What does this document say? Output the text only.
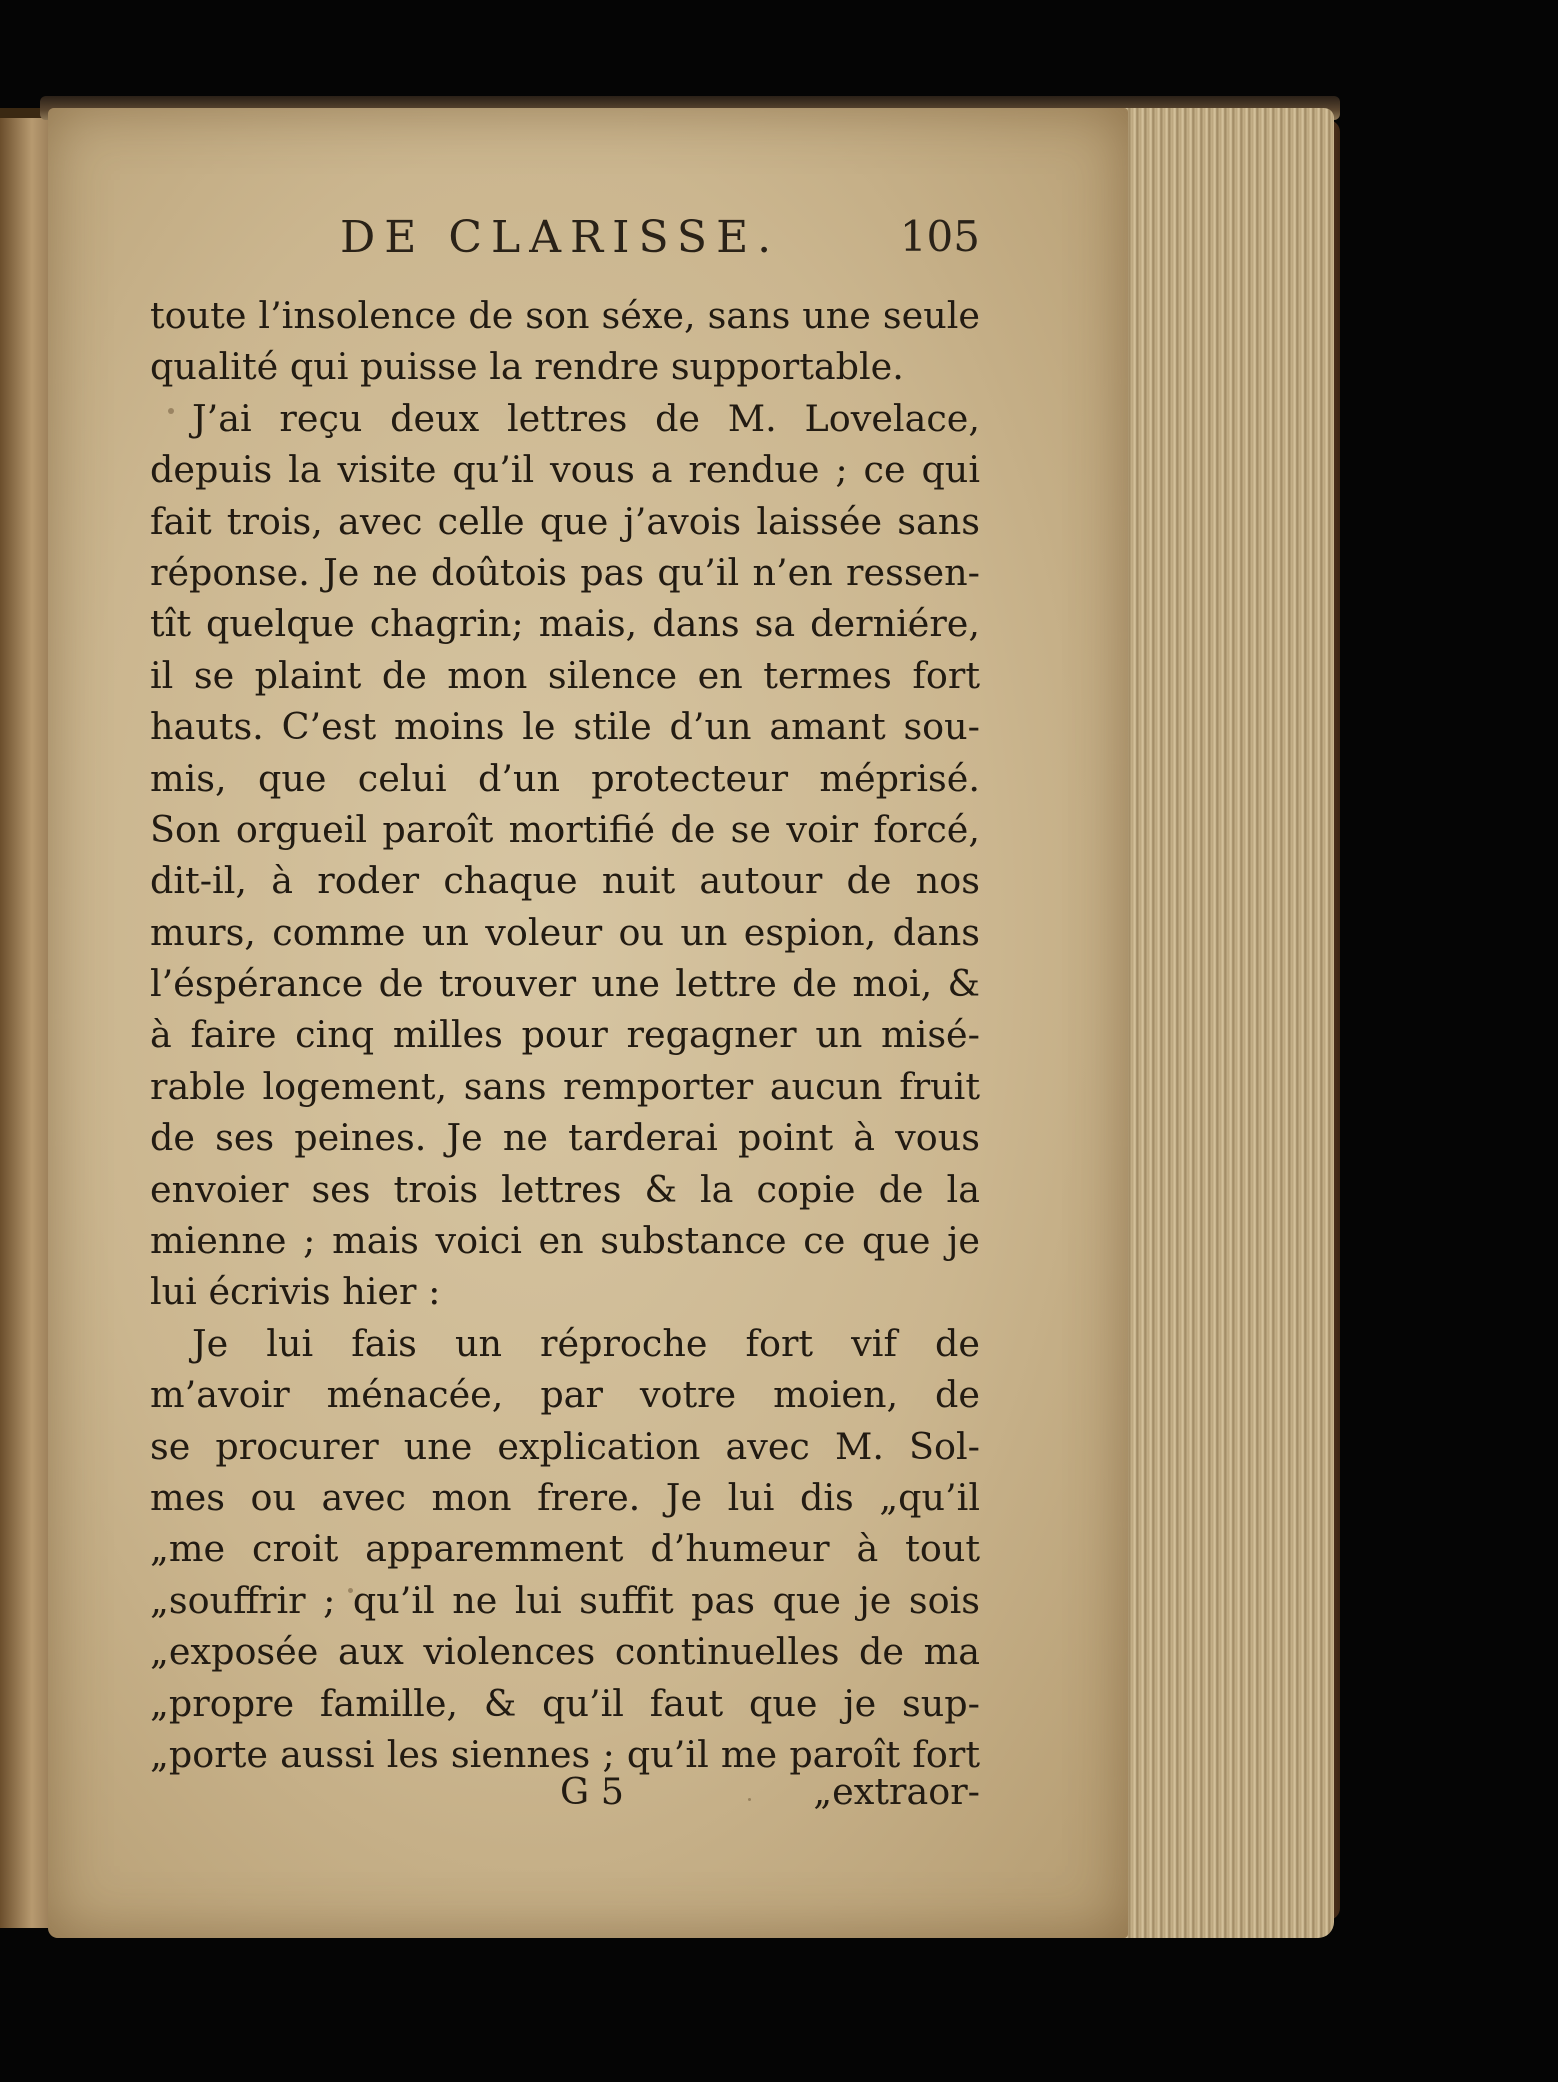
DE CLARISSE.	105
toute l’insolence de son séxe, sans une seule
qualité qui puisse la rendre supportable.
J’ai reçu deux lettres de M. Lovelace,
depuis la visite qu’il vous a rendue ; ce qui
fait trois, avec celle que j’avois laissée sans
réponse. Je ne doûtois pas qu’il n’en ressen-
tît quelque chagrin; mais, dans sa derniére,
il se plaint de mon silence en termes fort
hauts. C’est moins le stile d’un amant sou-
mis, que celui d’un protecteur méprisé.
Son orgueil paroît mortifié de se voir forcé,
dit-il, à roder chaque nuit autour de nos
murs, comme un voleur ou un espion, dans
l’éspérance de trouver une lettre de moi, &
à faire cinq milles pour regagner un misé-
rable logement, sans remporter aucun fruit
de ses peines. Je ne tarderai point à vous
envoier ses trois lettres & la copie de la
mienne ; mais voici en substance ce que je
lui écrivis hier :
Je lui fais un réproche fort vif de
m’avoir ménacée, par votre moien, de
se procurer une explication avec M. Sol-
mes ou avec mon frere. Je lui dis „qu’il
„me croit apparemment d’humeur à tout
„souffrir ; qu’il ne lui suffit pas que je sois
„exposée aux violences continuelles de ma
„propre famille, & qu’il faut que je sup-
„porte aussi les siennes ; qu’il me paroît fort
G 5	„extraor-
